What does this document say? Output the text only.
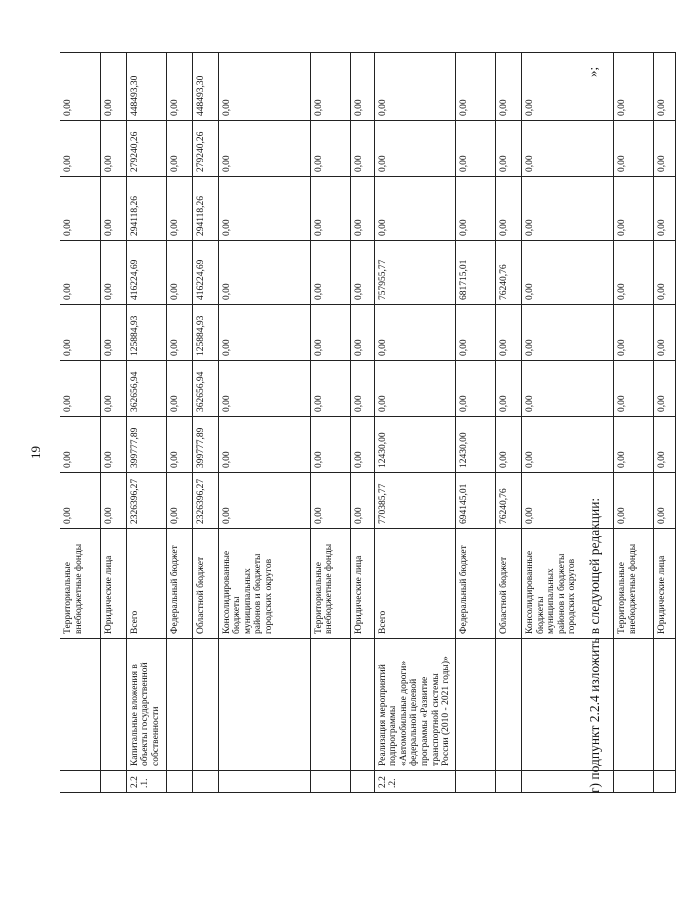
19
		Территориальные внебюджетные фонды	0,00	0,00	0,00	0,00	0,00	0,00	0,00	0,00
		Юридические лица	0,00	0,00	0,00	0,00	0,00	0,00	0,00	0,00
2.2.1.	Капитальные вложения в объекты государственной собственности	Всего	2326396,27	399777,89	362656,94	125884,93	416224,69	294118,26	279240,26	448493,30
		Федеральный бюджет	0,00	0,00	0,00	0,00	0,00	0,00	0,00	0,00
		Областной бюджет	2326396,27	399777,89	362656,94	125884,93	416224,69	294118,26	279240,26	448493,30
		Консолидированные бюджеты муниципальных районов и бюджеты городских округов	0,00	0,00	0,00	0,00	0,00	0,00	0,00	0,00
		Территориальные внебюджетные фонды	0,00	0,00	0,00	0,00	0,00	0,00	0,00	0,00
		Юридические лица	0,00	0,00	0,00	0,00	0,00	0,00	0,00	0,00
2.2.2.	Реализация мероприятий подпрограммы «Автомобильные дороги» федеральной целевой программы «Развитие транспортной системы России (2010 - 2021 годы)»	Всего	770385,77	12430,00	0,00	0,00	757955,77	0,00	0,00	0,00
		Федеральный бюджет	694145,01	12430,00	0,00	0,00	681715,01	0,00	0,00	0,00
		Областной бюджет	76240,76	0,00	0,00	0,00	76240,76	0,00	0,00	0,00
		Консолидированные бюджеты муниципальных районов и бюджеты городских округов	0,00	0,00	0,00	0,00	0,00	0,00	0,00	0,00
		Территориальные внебюджетные фонды	0,00	0,00	0,00	0,00	0,00	0,00	0,00	0,00
		Юридические лица	0,00	0,00	0,00	0,00	0,00	0,00	0,00	0,00
г) подпункт 2.2.4 изложить в следующей редакции:
»;
